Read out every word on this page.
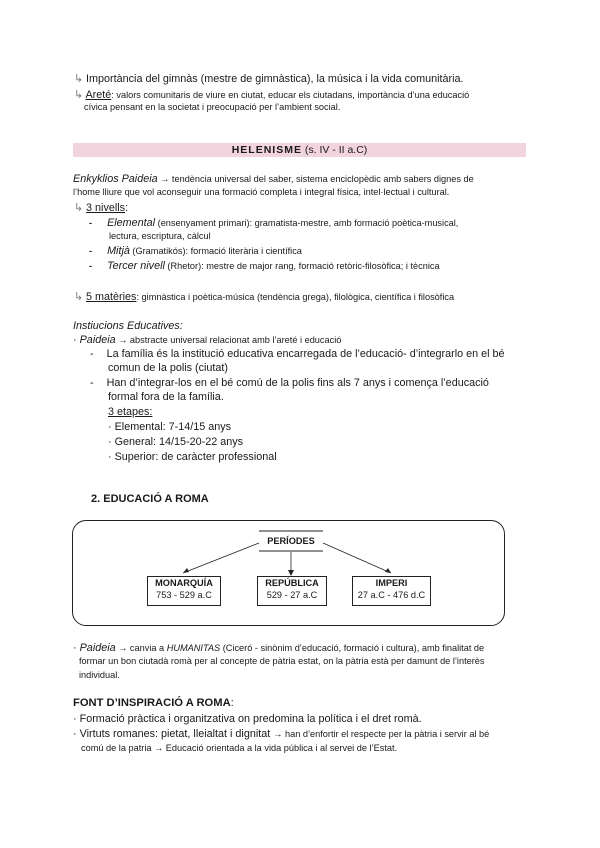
↳ Importància del gimnàs (mestre de gimnàstica), la música i la vida comunitària.
↳ Areté: valors comunitaris de viure en ciutat, educar els ciutadans, importància d’una educació
cívica pensant en la societat i preocupació per l’ambient social.
HELENISME (s. IV - II a.C)
Enkyklios Paideia → tendència universal del saber, sistema enciclopèdic amb sabers dignes de
l’home lliure que vol aconseguir una formació completa i integral física, intel·lectual i cultural.
↳ 3 nivells:
- Elemental (ensenyament primari): gramatista-mestre, amb formació poètica-musical,
lectura, escriptura, càlcul
- Mitjà (Gramatikós): formació literària i científica
- Tercer nivell (Rhetor): mestre de major rang, formació retòric-filosòfica; i tècnica
↳ 5 matèries: gimnàstica i poètica-música (tendència grega), filològica, científica i filosòfica
Instiucions Educatives:
· Paideia → abstracte universal relacionat amb l’areté i educació
- La família és la institució educativa encarregada de l’educació- d’integrarlo en el bé
comun de la polis (ciutat)
- Han d’integrar-los en el bé comú de la polis fins als 7 anys i comença l’educació
formal fora de la família.
3 etapes:
· Elemental: 7-14/15 anys
· General: 14/15-20-22 anys
· Superior: de caràcter professional
2. EDUCACIÓ A ROMA
PERÍODES
MONARQUÍA
753 - 529 a.C
REPÚBLICA
529 - 27 a.C
IMPERI
27 a.C - 476 d.C
· Paideia → canvia a HUMANITAS (Ciceró - sinònim d’educació, formació i cultura), amb finalitat de
formar un bon ciutadà romà per al concepte de pàtria estat, on la pàtria està per damunt de l’interès
individual.
FONT D’INSPIRACIÓ A ROMA:
· Formació pràctica i organitzativa on predomina la política i el dret romà.
· Virtuts romanes: pietat, lleialtat i dignitat → han d’enfortir el respecte per la pàtria i servir al bé
comú de la patria → Educació orientada a la vida pública i al servei de l’Estat.
